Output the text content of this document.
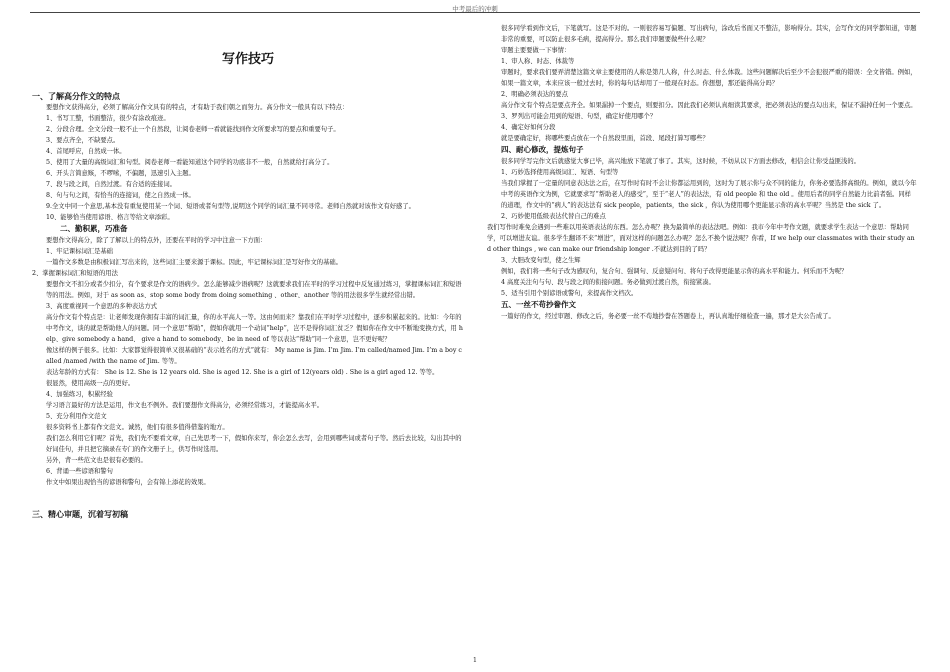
中考最后的冲刺

写作技巧

一、了解高分作文的特点

要想作文获得高分，必须了解高分作文具有的特点，才有助于我们朝之而努力。高分作文一般具有以下特点：

1、书写工整，书面整洁，很少有涂改痕迹。

2、分段合理。全文分段一般不止一个自然段，让阅卷老师一看就能找到作文所要求写的要点和重要句子。

3、要点齐全，不缺要点。

4、首尾呼应，自然成一体。

5、使用了大量的高级词汇和句型。阅卷老师一看能知道这个同学的功底非不一般，自然就给打高分了。

6、开头言简意赅，不啰嗦，不偏题，迅速引入主题。

7、段与段之间，自然过渡。有合适的连接词。

8、句与句之间，有恰当的连接词，使之自然成一体。

9.全文中同一个意思,基本没有重复使用某一个词、短语或者句型等,说明这个同学的词汇量不同寻常。老师自然就对该作文有好感了。

10、能够恰当使用谚语、格言等给文章添彩。

二、勤积累，巧准备

要想作文得高分，除了了解以上的特点外，还要在平时的学习中注意一下方面：

1、牢记课标词汇是基础

一篇作文多数是由积极词汇写出来的，这些词汇主要来源于课标。因此，牢记课标词汇是写好作文的基础。

2、掌握课标词汇和短语的用法

要想作文不扣分或者少扣分，有个要求是作文的语病少。怎么能够减少语病呢？这就要求我们在平时的学习过程中反复通过练习，掌握课标词汇和短语等的用法。例如，对于 as soon as、stop some body from doing something 、other、another 等的用法很多学生就经常出错。

3、高度重视同一个意思的多种表达方式

高分作文有个特点是：让老师发现你拥有丰富的词汇量，你的水平高人一等。这由何而来？靠我们在平时学习过程中，逐步积累起来的。比如：今年的中考作文，谈的就是帮助他人的问题。同一个意思“帮助”，假如你就用一个动词“help”，岂不是得你词汇贫乏？假如你在作文中不断地变换方式，用 help、give somebody a hand、 give a hand to somebody、be in need of 等以表达“帮助”同一个意思，岂不更好呢？

像这样的例子很多。比如：大家都觉得很简单又很基础的“表示姓名的方式”就有： My name is Jim. I’m Jim. I’m called/named Jim. I’m a boy called /named /with the name of Jim. 等等。

表达年龄的方式有： She is 12. She is 12 years old. She is aged 12. She is a girl of 12(years old) . She is a girl aged 12. 等等。

很显然，使用高级一点的更好。

4、加强练习，积累经验

学习语言最好的方法是运用，作文也不例外。我们要想作文得高分，必须经常练习，才能提高水平。

5、充分利用作文范文

很多资料书上都有作文范文。诚然，他们有很多值得借鉴的地方。

我们怎么利用它们呢？首先，我们先不要看文章，自己先思考一下，假如你来写，你会怎么去写，会用到哪些词或者句子等。然后去比较，勾出其中的好词佳句，并且把它摘录在专门的作文册子上，供写作时选用。

另外，背一些范文也是很有必要的。

6、背诵一些谚语和警句

作文中如果出现恰当的谚语和警句，会有锦上添花的效果。

三、精心审题，沉着写初稿

很多同学看到作文后，下笔就写。这是不对的。一则很容易写偏题、写出病句，涂改后书面又不整洁，影响得分。其实，会写作文的同学都知道，审题非常的重要，可以防止很多毛病，提高得分。那么我们审题要做些什么呢？

审题主要要做一下事情：

1、审人称、时态、体裁等

审题时，要求我们要弄清楚这篇文章主要使用的人称是第几人称，什么时态、什么体裁。这些问题解决后至少不会犯很严重的错误：全文皆错。例如，如果一篇文章，本来应该一般过去时，你的每句话却用了一般现在时态。你想想，那还能得高分吗？

2、明确必须表达的要点

高分作文有个特点是要点齐全。如果漏掉一个要点，则要扣分。因此我们必须认真细读其要求，把必须表达的要点勾出来，保证不漏掉任何一个要点。

3、罗列出可能会用到的短语、句型，确定好使用哪个？

4、确定好如何分段

就是要确定好，将哪些要点放在一个自然段里面，首段、尾段打算写哪些？

四、耐心修改，提炼句子

很多同学写完作文后就感觉大事已毕，高兴地放下笔就了事了。其实，这时候，不妨从以下方面去修改，相信会让你受益匪浅的。

1、巧妙选择使用高级词汇、短语、句型等

当我们掌握了一定量的同意表达法之后，在写作时有时不会让你都运用到的，这时为了展示你与众不同的能力，你务必要选择高级的。例如，就以今年中考的英语作文为例，它就要求写“帮助老人的感受”，至于“老人”的表达法，有 old people 和 the old 。使用后者的同学自然能力比前者强。同样的道理，作文中的“病人”的表达法有 sick people，patients，the sick ，你认为使用哪个更能显示你的高水平呢？当然是 the sick 了。

2、巧妙使用低级表达代替自己的难点

我们写作时难免会遇到一些难以用英语表达的东西。怎么办呢？换为最简单的表达法吧。例如：我市今年中考作文题，就要求学生表达一个意思：帮助同学，可以增进友谊。很多学生翻译不来“增进”，面对这样的问题怎么办呢？怎么不换个说法呢？你看，If we help our classmates with their study and other things , we can make our friendship longer .不就达到目的了吗？

3、大胆改变句型，使之生辉

例如，我们将一些句子改为感叹句，复合句、强调句、反意疑问句、将句子改得更能显示你的高水平和能力。何乐而不为呢？

4 高度关注句与句、段与段之间的衔接问题。务必做到过渡自然，衔接紧凑。

5、适当引用个别谚语或警句，来提高作文档次。

五、一丝不苟抄誊作文

一篇好的作文，经过审题、修改之后，务必要一丝不苟地抄誊在答题卷上，再认真地仔细检查一遍，那才是大公告成了。

1
